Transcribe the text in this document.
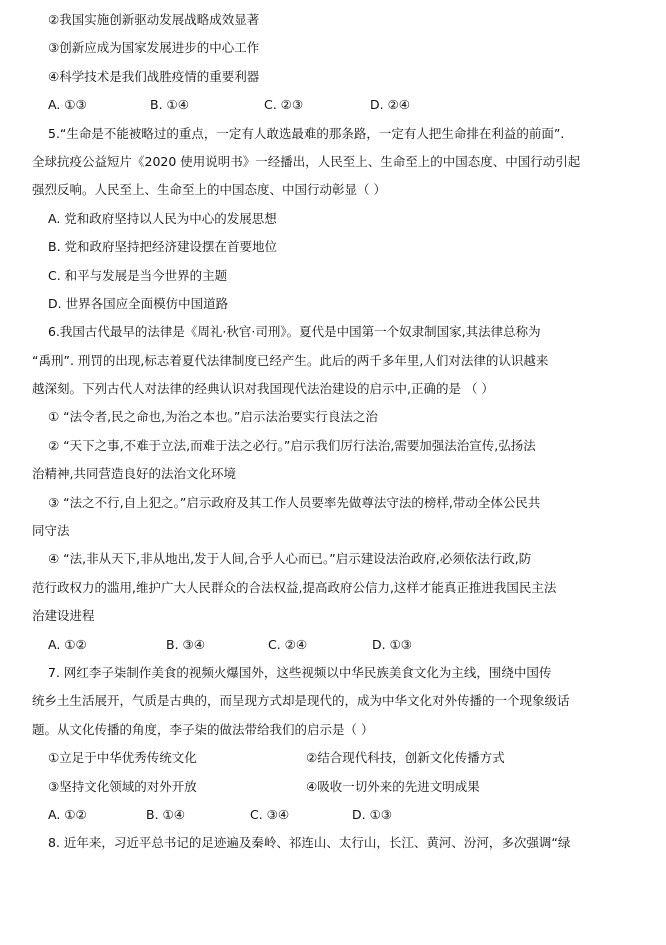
②我国实施创新驱动发展战略成效显著
③创新应成为国家发展进步的中心工作
④科学技术是我们战胜疫情的重要利器
A. ①③	B. ①④	C. ②③	D. ②④
5.“生命是不能被略过的重点，一定有人敢选最难的那条路，一定有人把生命排在利益的前面”.
全球抗疫公益短片《2020 使用说明书》一经播出，人民至上、生命至上的中国态度、中国行动引起
强烈反响。人民至上、生命至上的中国态度、中国行动彰显（ ）
A. 党和政府坚持以人民为中心的发展思想
B. 党和政府坚持把经济建设摆在首要地位
C. 和平与发展是当今世界的主题
D. 世界各国应全面模仿中国道路
6.我国古代最早的法律是《周礼·秋官·司刑》。夏代是中国第一个奴隶制国家,其法律总称为
“禹刑”. 刑罚的出现,标志着夏代法律制度已经产生。此后的两千多年里,人们对法律的认识越来
越深刻。下列古代人对法律的经典认识对我国现代法治建设的启示中,正确的是 （ ）
① “法令者,民之命也,为治之本也。”启示法治要实行良法之治
② “天下之事,不难于立法,而难于法之必行。”启示我们厉行法治,需要加强法治宣传,弘扬法
治精神,共同营造良好的法治文化环境
③ “法之不行,自上犯之。”启示政府及其工作人员要率先做尊法守法的榜样,带动全体公民共
同守法
④ “法,非从天下,非从地出,发于人间,合乎人心而已。”启示建设法治政府,必须依法行政,防
范行政权力的滥用,维护广大人民群众的合法权益,提高政府公信力,这样才能真正推进我国民主法
治建设进程
A. ①②	B. ③④	C. ②④	D. ①③
7. 网红李子柒制作美食的视频火爆国外，这些视频以中华民族美食文化为主线，围绕中国传
统乡土生活展开，气质是古典的，而呈现方式却是现代的，成为中华文化对外传播的一个现象级话
题。从文化传播的角度，李子柒的做法带给我们的启示是（ ）
①立足于中华优秀传统文化	②结合现代科技，创新文化传播方式
③坚持文化领域的对外开放	④吸收一切外来的先进文明成果
A. ①②	B. ①④	C. ③④	D. ①③
8. 近年来，习近平总书记的足迹遍及秦岭、祁连山、太行山，长江、黄河、汾河，多次强调“绿
